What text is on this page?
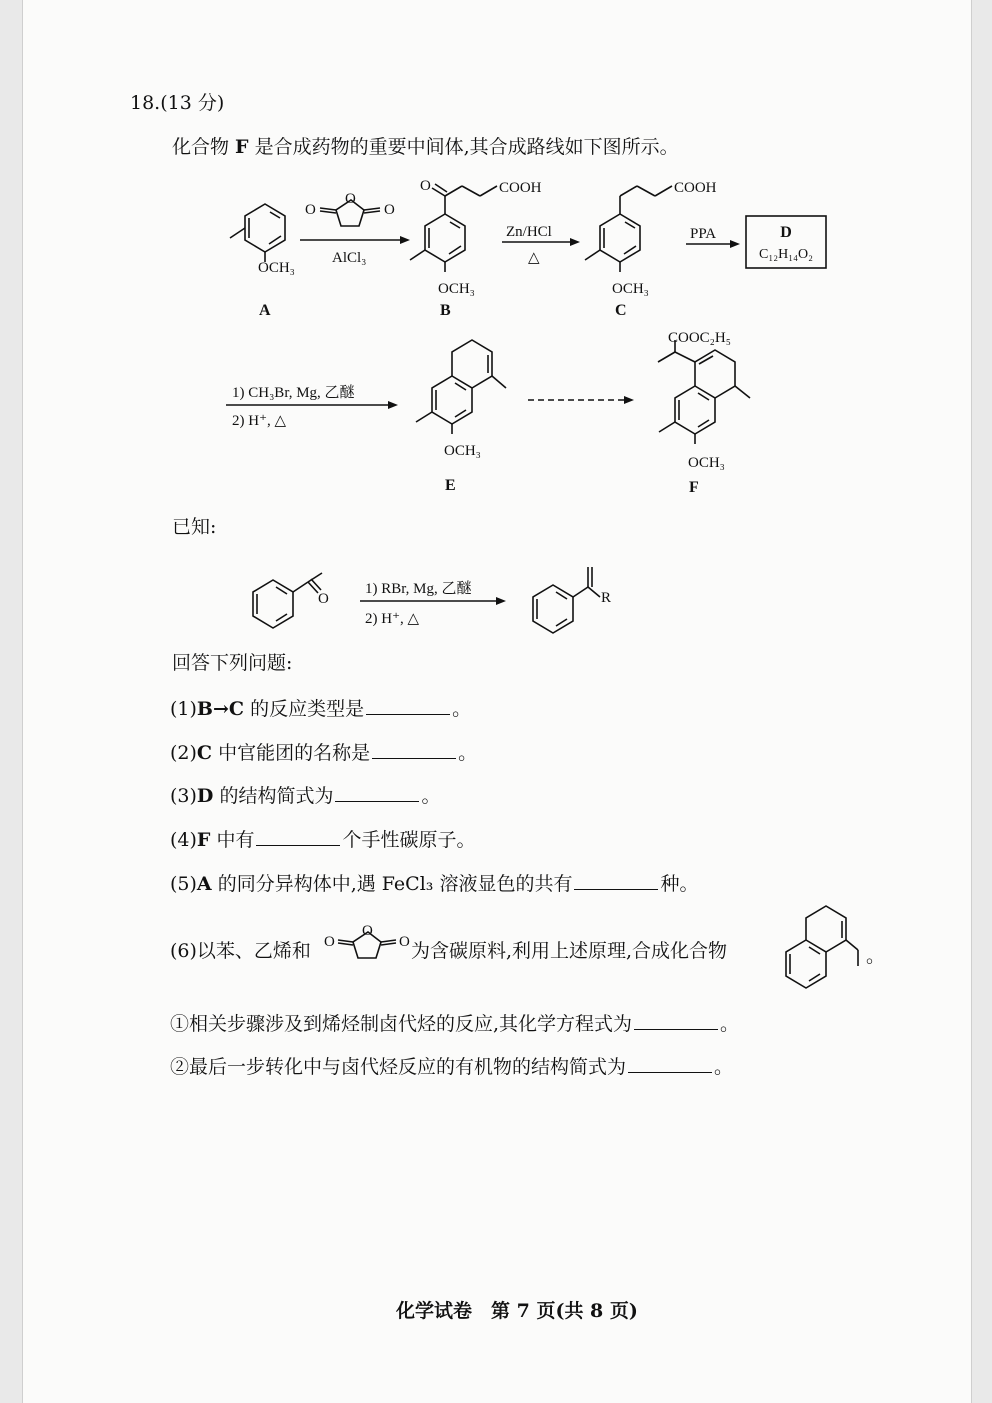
18.(13 分)
化合物 F 是合成药物的重要中间体,其合成路线如下图所示。
OCH₃
A
O
O
O
AlCl₃
O	COOH
OCH₃
B
Zn/HCl
△
COOH
OCH₃
C
PPA	D
C₁₂H₁₄O₂
1) CH₃Br, Mg, 乙醚
2) H⁺, △
OCH₃
E
COOC₂H₅
OCH₃
F
已知:
O
1) RBr, Mg, 乙醚
2) H⁺, △
R
回答下列问题:
(1)B→C 的反应类型是	。
(2)C 中官能团的名称是	。
(3)D 的结构简式为	。
(4)F 中有	个手性碳原子。
(5)A 的同分异构体中,遇 FeCl₃ 溶液显色的共有	种。
(6)以苯、乙烯和	为含碳原料,利用上述原理,合成化合物
O
O
O
。
①相关步骤涉及到烯烃制卤代烃的反应,其化学方程式为	。
②最后一步转化中与卤代烃反应的有机物的结构简式为	。
化学试卷　第 7 页(共 8 页)
